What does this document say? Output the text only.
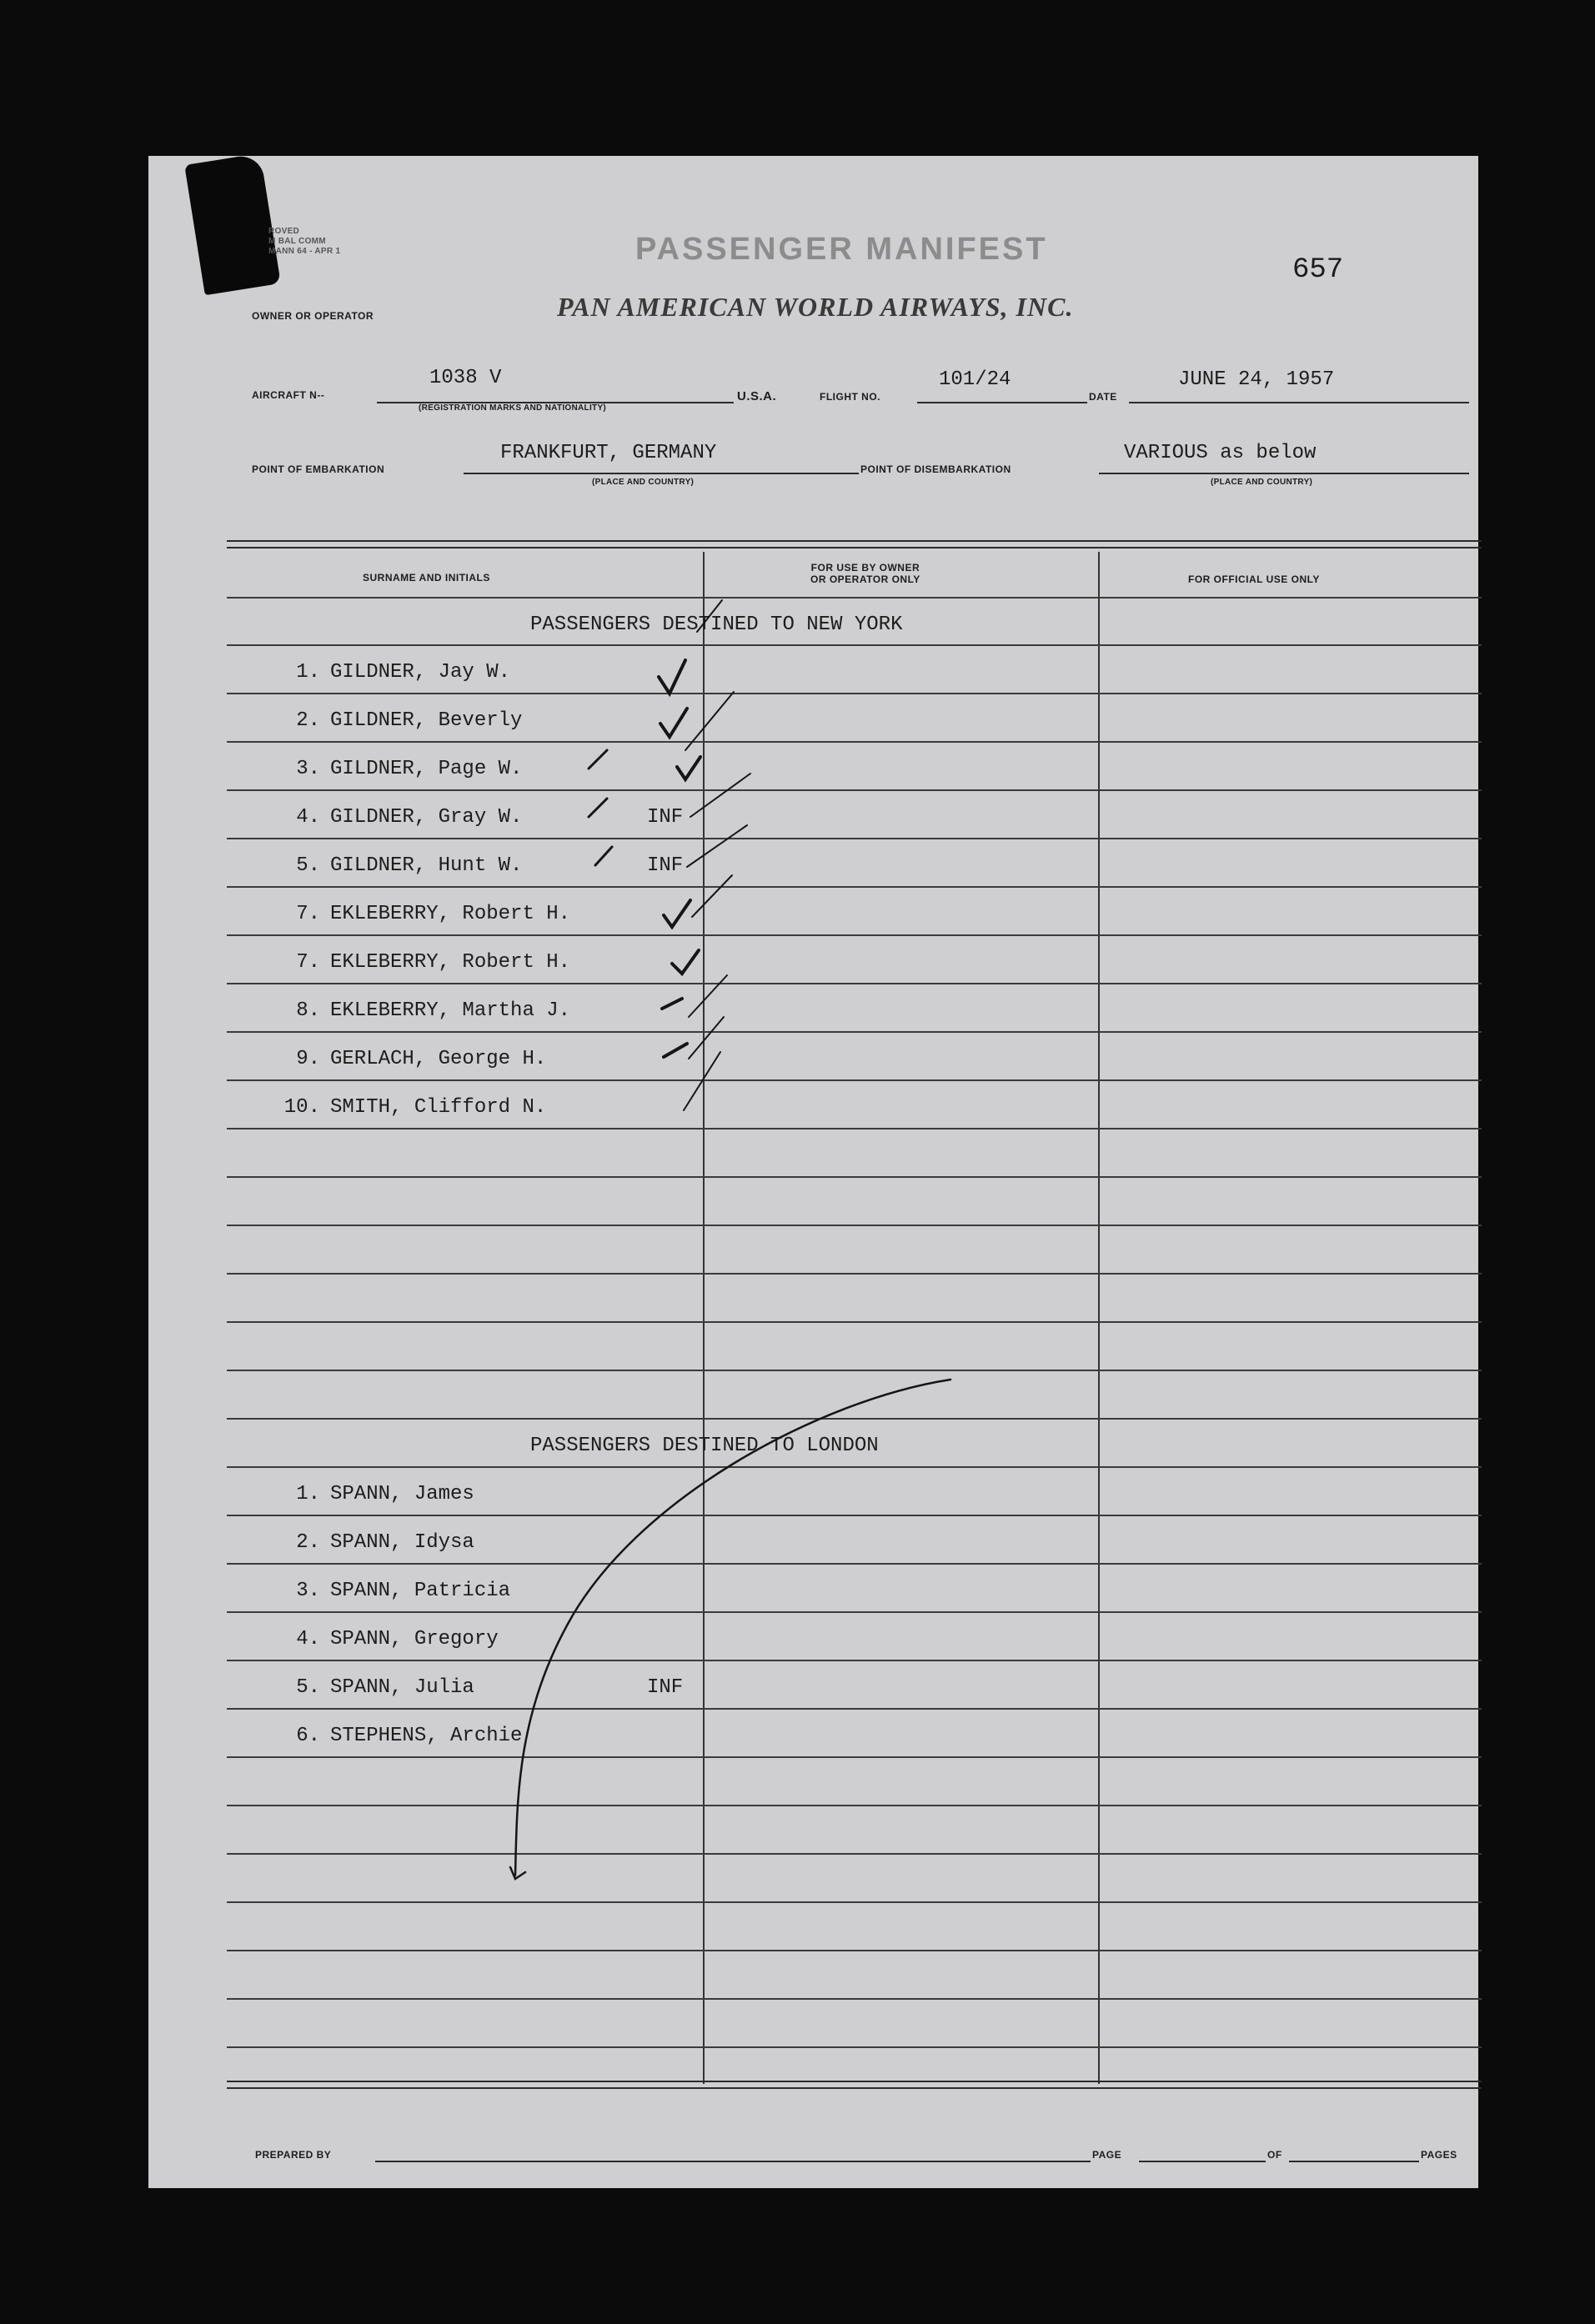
ROVED
M BAL COMM
MANN 64 - APR 1	PASSENGER MANIFEST
657
OWNER OR OPERATOR	PAN AMERICAN WORLD AIRWAYS, INC.
AIRCRAFT N--
1038 V
(REGISTRATION MARKS AND NATIONALITY)
U.S.A.	FLIGHT NO.
101/24
DATE
JUNE 24, 1957
POINT OF EMBARKATION
FRANKFURT, GERMANY
(PLACE AND COUNTRY)
POINT OF DISEMBARKATION
VARIOUS as below
(PLACE AND COUNTRY)
SURNAME AND INITIALS
FOR USE BY OWNER
OR OPERATOR ONLY	FOR OFFICIAL USE ONLY
PASSENGERS DESTINED TO NEW YORK
1. GILDNER, Jay W.
2. GILDNER, Beverly
3. GILDNER, Page W.
4. GILDNER, Gray W.	INF
5. GILDNER, Hunt W.	INF
7. EKLEBERRY, Robert H.
7. EKLEBERRY, Robert H.
8. EKLEBERRY, Martha J.
9. GERLACH, George H.
10. SMITH, Clifford N.
PASSENGERS DESTINED TO LONDON
1. SPANN, James
2. SPANN, Idysa
3. SPANN, Patricia
4. SPANN, Gregory
5. SPANN, Julia	INF
6. STEPHENS, Archie
PREPARED BY	PAGE	OF	PAGES
